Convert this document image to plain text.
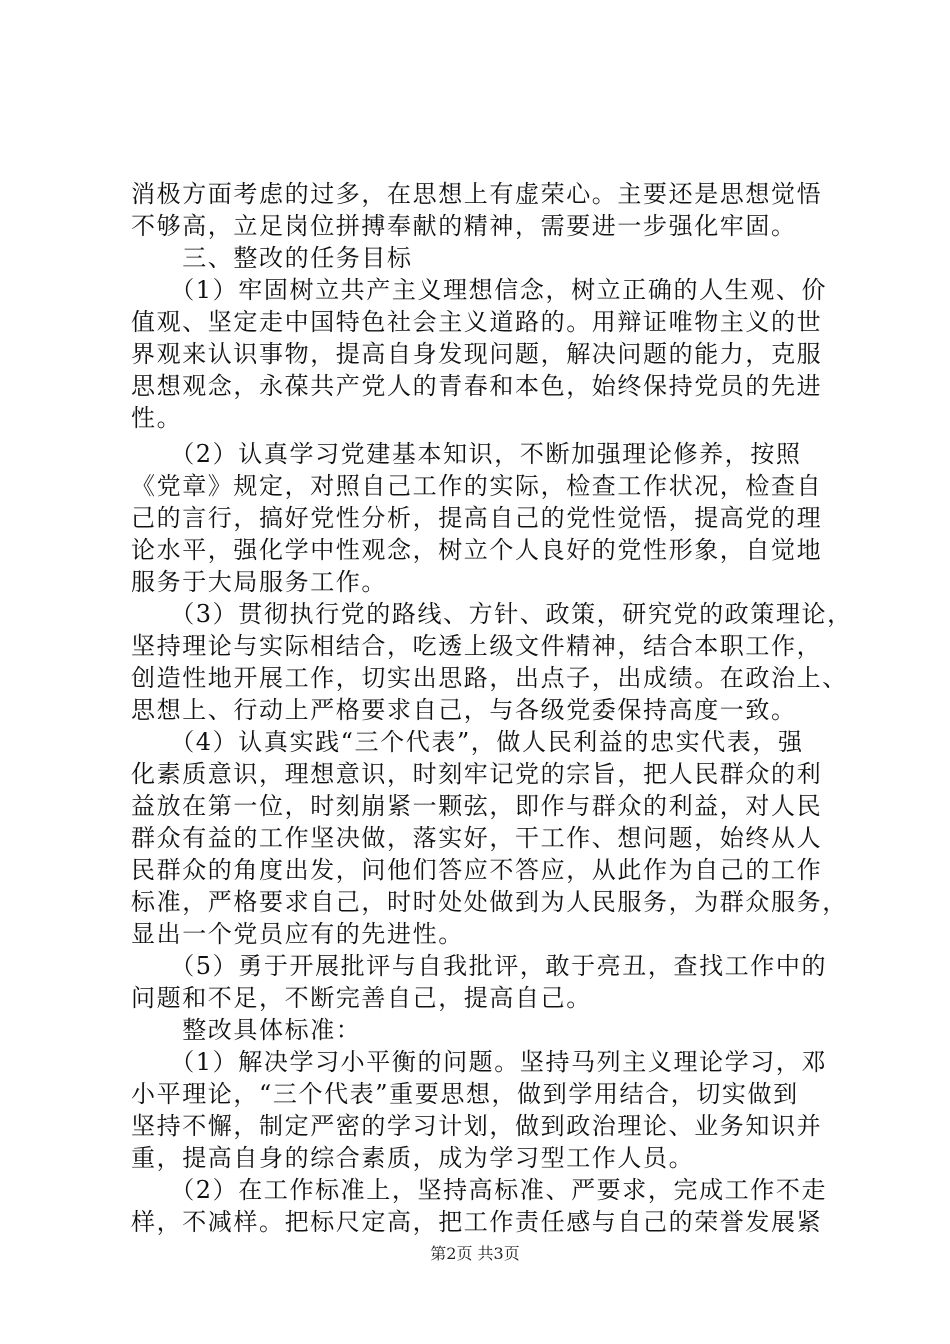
消极方面考虑的过多，在思想上有虚荣心。主要还是思想觉悟
不够高，立足岗位拼搏奉献的精神，需要进一步强化牢固。
　　三、整改的任务目标
　　（1）牢固树立共产主义理想信念，树立正确的人生观、价
值观、坚定走中国特色社会主义道路的。用辩证唯物主义的世
界观来认识事物，提高自身发现问题，解决问题的能力，克服
思想观念，永葆共产党人的青春和本色，始终保持党员的先进
性。
　　（2）认真学习党建基本知识，不断加强理论修养，按照
《党章》规定，对照自己工作的实际，检查工作状况，检查自
己的言行，搞好党性分析，提高自己的党性觉悟，提高党的理
论水平，强化学中性观念，树立个人良好的党性形象，自觉地
服务于大局服务工作。
　　（3）贯彻执行党的路线、方针、政策，研究党的政策理论，
坚持理论与实际相结合，吃透上级文件精神，结合本职工作，
创造性地开展工作，切实出思路，出点子，出成绩。在政治上、
思想上、行动上严格要求自己，与各级党委保持高度一致。
　　（4）认真实践“三个代表”，做人民利益的忠实代表，强
化素质意识，理想意识，时刻牢记党的宗旨，把人民群众的利
益放在第一位，时刻崩紧一颗弦，即作与群众的利益，对人民
群众有益的工作坚决做，落实好，干工作、想问题，始终从人
民群众的角度出发，问他们答应不答应，从此作为自己的工作
标准，严格要求自己，时时处处做到为人民服务，为群众服务，
显出一个党员应有的先进性。
　　（5）勇于开展批评与自我批评，敢于亮丑，查找工作中的
问题和不足，不断完善自己，提高自己。
　　整改具体标准：
　　（1）解决学习小平衡的问题。坚持马列主义理论学习，邓
小平理论，“三个代表”重要思想，做到学用结合，切实做到
坚持不懈，制定严密的学习计划，做到政治理论、业务知识并
重，提高自身的综合素质，成为学习型工作人员。
　　（2）在工作标准上，坚持高标准、严要求，完成工作不走
样，不减样。把标尺定高，把工作责任感与自己的荣誉发展紧
第2页 共3页
